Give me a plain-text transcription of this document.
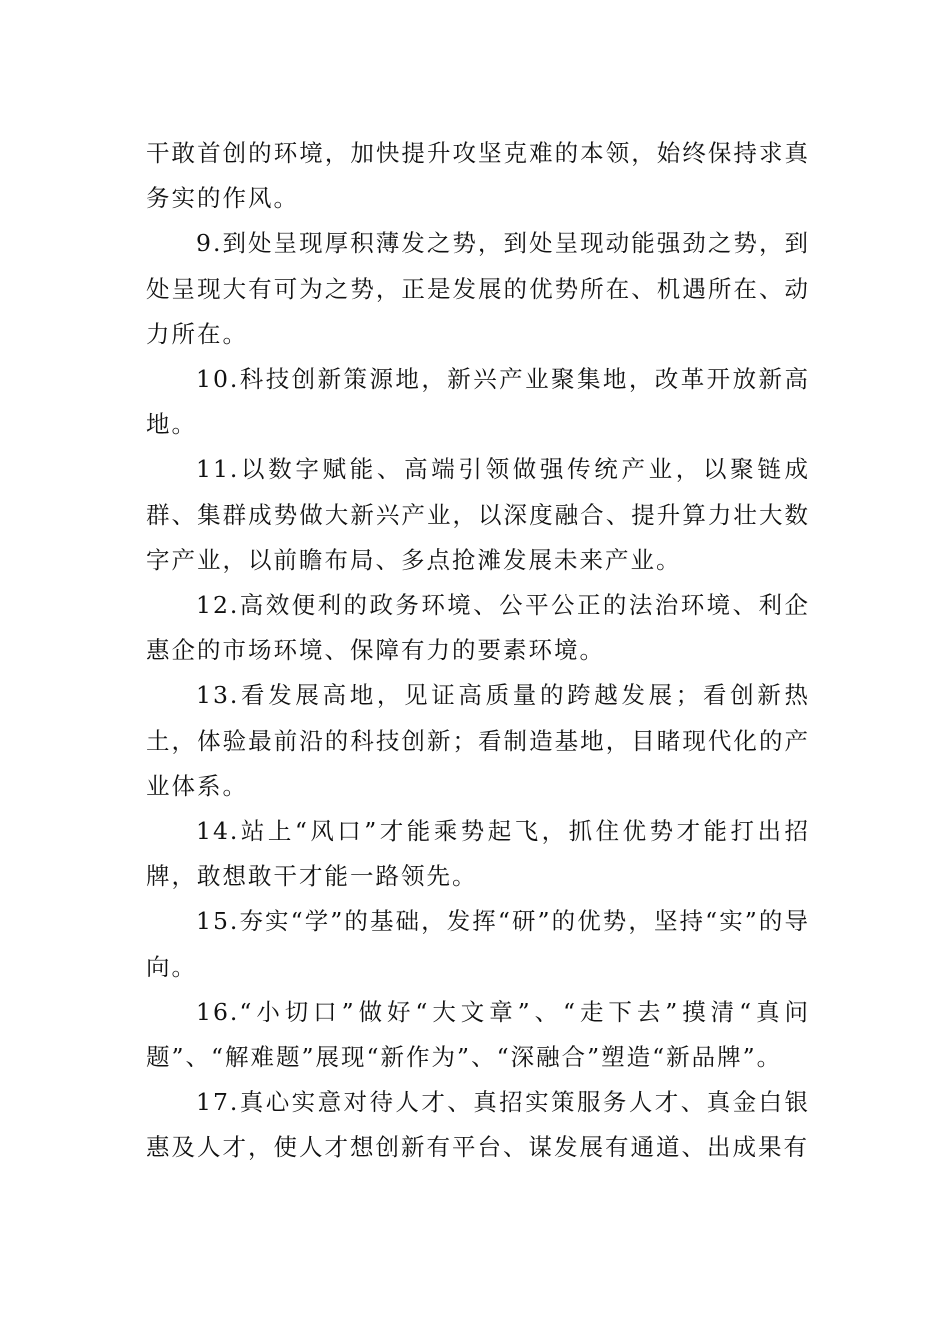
干敢首创的环境，加快提升攻坚克难的本领，始终保持求真务实的作风。

9.到处呈现厚积薄发之势，到处呈现动能强劲之势，到处呈现大有可为之势，正是发展的优势所在、机遇所在、动力所在。

10.科技创新策源地，新兴产业聚集地，改革开放新高地。

11.以数字赋能、高端引领做强传统产业，以聚链成群、集群成势做大新兴产业，以深度融合、提升算力壮大数字产业，以前瞻布局、多点抢滩发展未来产业。

12.高效便利的政务环境、公平公正的法治环境、利企惠企的市场环境、保障有力的要素环境。

13.看发展高地，见证高质量的跨越发展；看创新热土，体验最前沿的科技创新；看制造基地，目睹现代化的产业体系。

14.站上“风口”才能乘势起飞，抓住优势才能打出招牌，敢想敢干才能一路领先。

15.夯实“学”的基础，发挥“研”的优势，坚持“实”的导向。

16.“小切口”做好“大文章”、“走下去”摸清“真问题”、“解难题”展现“新作为”、“深融合”塑造“新品牌”。

17.真心实意对待人才、真招实策服务人才、真金白银惠及人才，使人才想创新有平台、谋发展有通道、出成果有
